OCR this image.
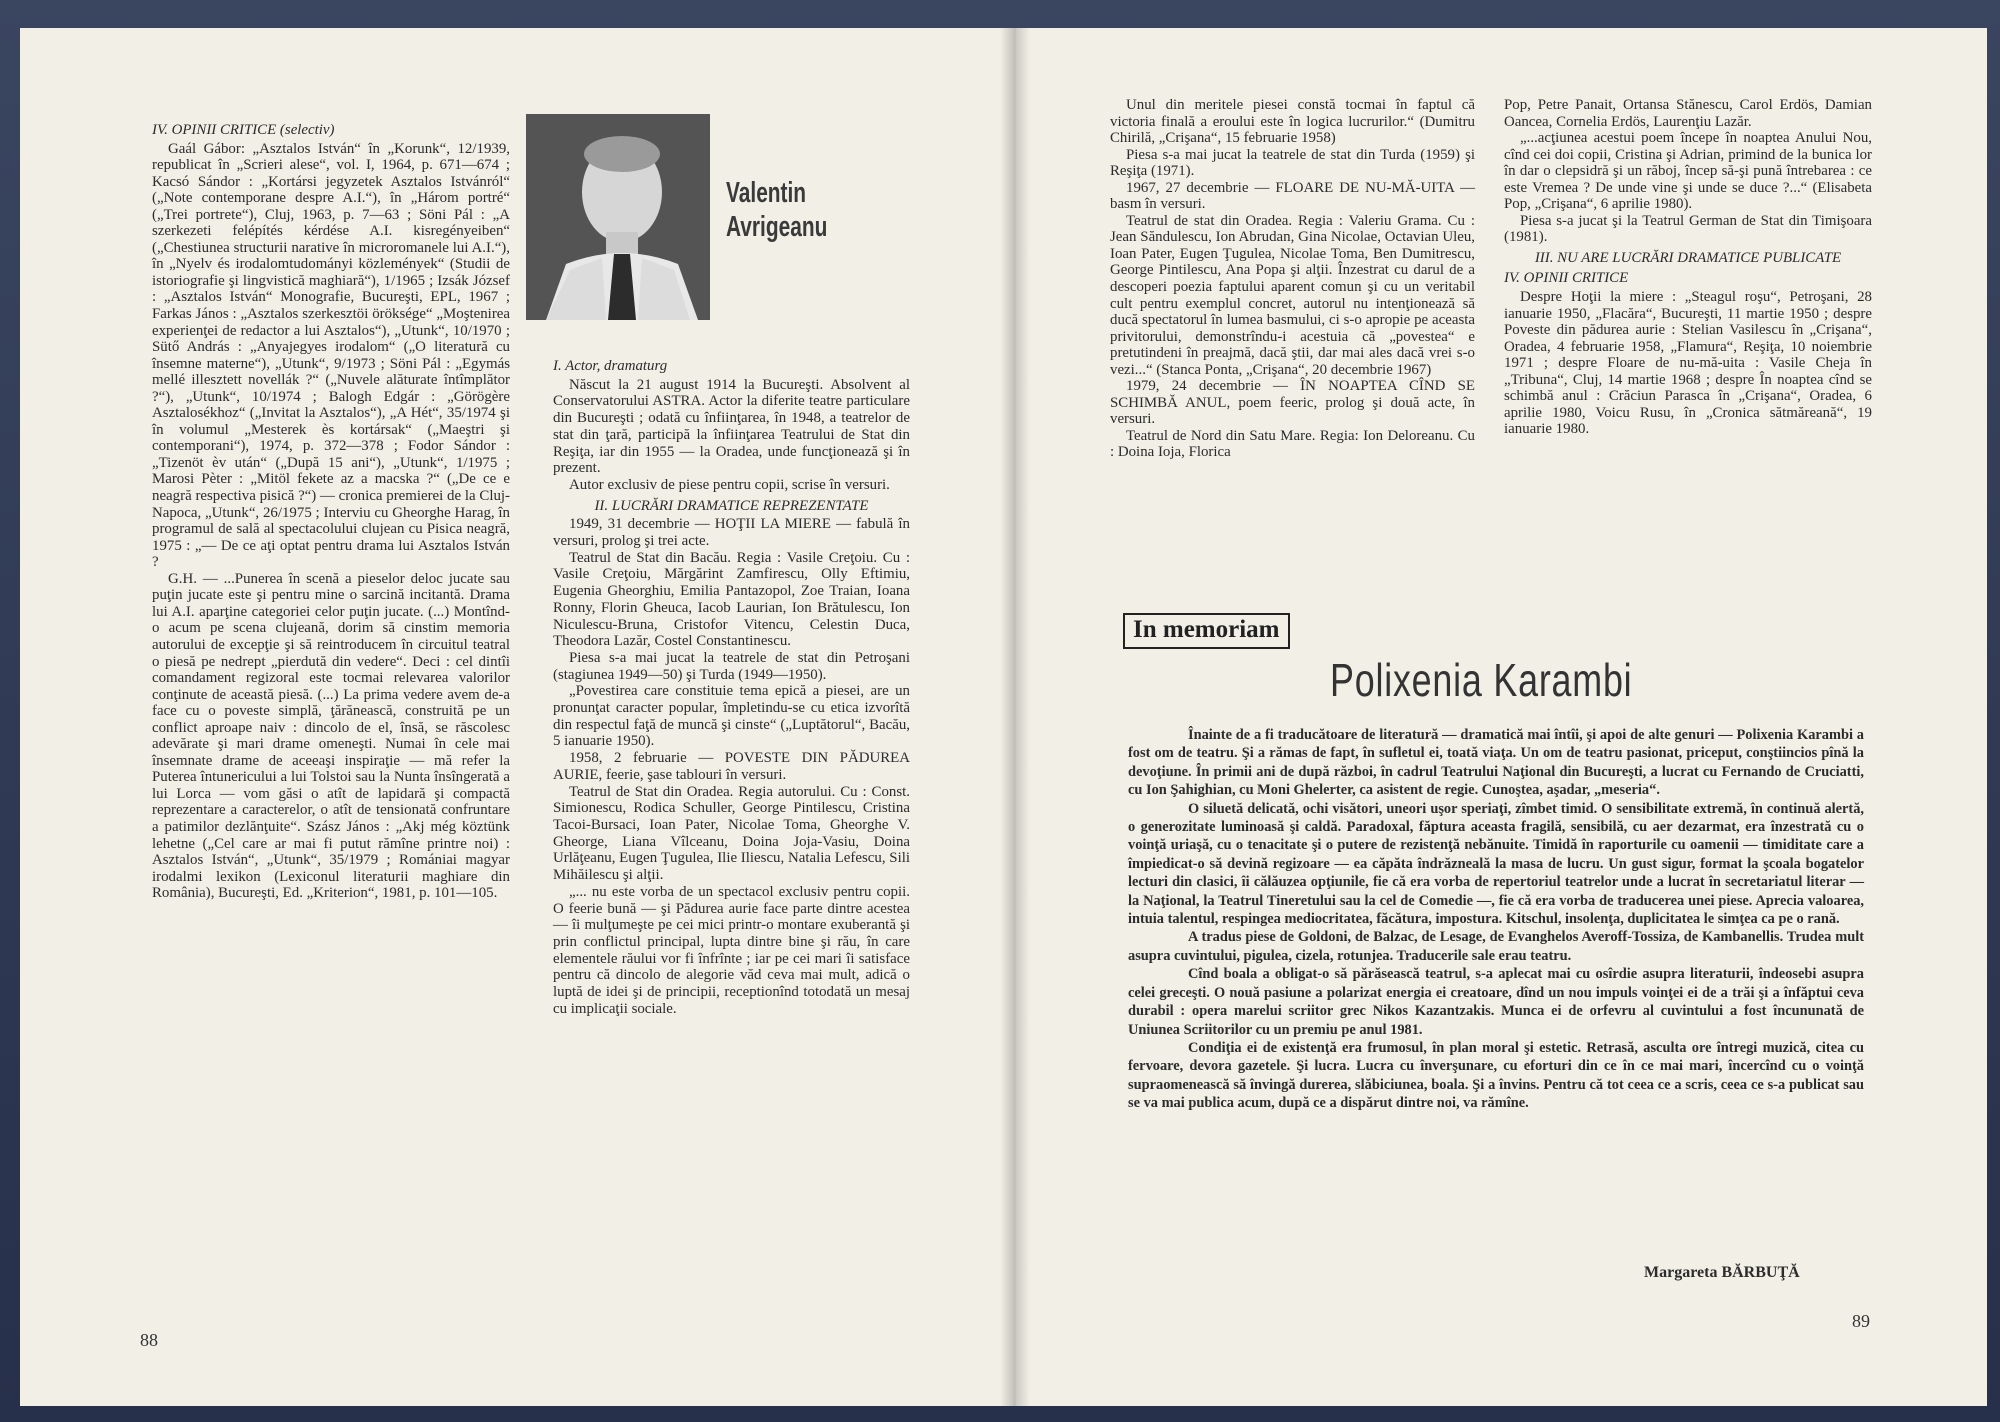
IV. OPINII CRITICE (selectiv)

Gaál Gábor: „Asztalos István“ în „Korunk“, 12/1939, republicat în „Scrieri alese“, vol. I, 1964, p. 671—674 ; Kacsó Sándor : „Kortársi jegyzetek Asztalos Istvánról“ („Note contemporane despre A.I.“), în „Három portré“ („Trei portrete“), Cluj, 1963, p. 7—63 ; Söni Pál : „A szerkezeti felépítés kérdése A.I. kisregényeiben“ („Chestiunea structurii narative în microromanele lui A.I.“), în „Nyelv és irodalomtudományi közlemények“ (Studii de istoriografie şi lingvistică maghiară“), 1/1965 ; Izsák József : „Asztalos István“ Monografie, Bucureşti, EPL, 1967 ; Farkas János : „Asztalos szerkesztöi öröksége“ „Moştenirea experienţei de redactor a lui Asztalos“), „Utunk“, 10/1970 ; Sütő András : „Anyajegyes irodalom“ („O literatură cu însemne materne“), „Utunk“, 9/1973 ; Söni Pál : „Egymás mellé illesztett novellák ?“ („Nuvele alăturate întîmplător ?“), „Utunk“, 10/1974 ; Balogh Edgár : „Görögère Asztalosékhoz“ („Invitat la Asztalos“), „A Hét“, 35/1974 şi în volumul „Mesterek ès kortársak“ („Maeştri şi contemporani“), 1974, p. 372—378 ; Fodor Sándor : „Tizenöt èv után“ („După 15 ani“), „Utunk“, 1/1975 ; Marosi Pèter : „Mitöl fekete az a macska ?“ („De ce e neagră respectiva pisică ?“) — cronica premierei de la Cluj-Napoca, „Utunk“, 26/1975 ; Interviu cu Gheorghe Harag, în programul de sală al spectacolului clujean cu Pisica neagră, 1975 : „— De ce aţi optat pentru drama lui Asztalos István ?

G.H. — ...Punerea în scenă a pieselor deloc jucate sau puţin jucate este şi pentru mine o sarcină incitantă. Drama lui A.I. aparţine categoriei celor puţin jucate. (...) Montînd-o acum pe scena clujeană, dorim să cinstim memoria autorului de excepţie şi să reintroducem în circuitul teatral o piesă pe nedrept „pierdută din vedere“. Deci : cel dintîi comandament regizoral este tocmai relevarea valorilor conţinute de această piesă. (...) La prima vedere avem de-a face cu o poveste simplă, ţărănească, construită pe un conflict aproape naiv : dincolo de el, însă, se răscolesc adevărate şi mari drame omeneşti. Numai în cele mai însemnate drame de aceeaşi inspiraţie — mă refer la Puterea întunericului a lui Tolstoi sau la Nunta însîngerată a lui Lorca — vom găsi o atît de lapidară şi compactă reprezentare a caracterelor, o atît de tensionată confruntare a patimilor dezlănţuite“. Szász János : „Akj még köztünk lehetne („Cel care ar mai fi putut rămîne printre noi) : Asztalos István“, „Utunk“, 35/1979 ; Romániai magyar irodalmi lexikon (Lexiconul literaturii maghiare din România), Bucureşti, Ed. „Kriterion“, 1981, p. 101—105.

Valentin
Avrigeanu

I. Actor, dramaturg

Născut la 21 august 1914 la Bucureşti. Absolvent al Conservatorului ASTRA. Actor la diferite teatre particulare din Bucureşti ; odată cu înfiinţarea, în 1948, a teatrelor de stat din ţară, participă la înfiinţarea Teatrului de Stat din Reşiţa, iar din 1955 — la Oradea, unde funcţionează şi în prezent.

Autor exclusiv de piese pentru copii, scrise în versuri.

II. LUCRĂRI DRAMATICE REPREZENTATE

1949, 31 decembrie — HOŢII LA MIERE — fabulă în versuri, prolog şi trei acte.

Teatrul de Stat din Bacău. Regia : Vasile Creţoiu. Cu : Vasile Creţoiu, Mărgărint Zamfirescu, Olly Eftimiu, Eugenia Gheorghiu, Emilia Pantazopol, Zoe Traian, Ioana Ronny, Florin Gheuca, Iacob Laurian, Ion Brătulescu, Ion Niculescu-Bruna, Cristofor Vitencu, Celestin Duca, Theodora Lazăr, Costel Constantinescu.

Piesa s-a mai jucat la teatrele de stat din Petroşani (stagiunea 1949—50) şi Turda (1949—1950).

„Povestirea care constituie tema epică a piesei, are un pronunţat caracter popular, împletindu-se cu etica izvorîtă din respectul faţă de muncă şi cinste“ („Luptătorul“, Bacău, 5 ianuarie 1950).

1958, 2 februarie — POVESTE DIN PĂDUREA AURIE, feerie, şase tablouri în versuri.

Teatrul de Stat din Oradea. Regia autorului. Cu : Const. Simionescu, Rodica Schuller, George Pintilescu, Cristina Tacoi-Bursaci, Ioan Pater, Nicolae Toma, Gheorghe V. Gheorge, Liana Vîlceanu, Doina Joja-Vasiu, Doina Urlăţeanu, Eugen Ţugulea, Ilie Iliescu, Natalia Lefescu, Sili Mihăilescu şi alţii.

„... nu este vorba de un spectacol exclusiv pentru copii. O feerie bună — şi Pădurea aurie face parte dintre acestea — îi mulţumeşte pe cei mici printr-o montare exuberantă şi prin conflictul principal, lupta dintre bine şi rău, în care elementele răului vor fi înfrînte ; iar pe cei mari îi satisface pentru că dincolo de alegorie văd ceva mai mult, adică o luptă de idei şi de principii, receptionînd totodată un mesaj cu implicaţii sociale.

88

Unul din meritele piesei constă tocmai în faptul că victoria finală a eroului este în logica lucrurilor.“ (Dumitru Chirilă, „Crişana“, 15 februarie 1958)

Piesa s-a mai jucat la teatrele de stat din Turda (1959) şi Reşiţa (1971).

1967, 27 decembrie — FLOARE DE NU-MĂ-UITA — basm în versuri.

Teatrul de stat din Oradea. Regia : Valeriu Grama. Cu : Jean Săndulescu, Ion Abrudan, Gina Nicolae, Octavian Uleu, Ioan Pater, Eugen Ţugulea, Nicolae Toma, Ben Dumitrescu, George Pintilescu, Ana Popa şi alţii. Înzestrat cu darul de a descoperi poezia faptului aparent comun şi cu un veritabil cult pentru exemplul concret, autorul nu intenţionează să ducă spectatorul în lumea basmului, ci s-o apropie pe aceasta privitorului, demonstrîndu-i acestuia că „povestea“ e pretutindeni în preajmă, dacă ştii, dar mai ales dacă vrei s-o vezi...“ (Stanca Ponta, „Crişana“, 20 decembrie 1967)

1979, 24 decembrie — ÎN NOAPTEA CÎND SE SCHIMBĂ ANUL, poem feeric, prolog şi două acte, în versuri.

Teatrul de Nord din Satu Mare. Regia: Ion Deloreanu. Cu : Doina Ioja, Florica

Pop, Petre Panait, Ortansa Stănescu, Carol Erdös, Damian Oancea, Cornelia Erdös, Laurenţiu Lazăr.

„...acţiunea acestui poem începe în noaptea Anului Nou, cînd cei doi copii, Cristina şi Adrian, primind de la bunica lor în dar o clepsidră şi un răboj, încep să-şi pună întrebarea : ce este Vremea ? De unde vine şi unde se duce ?...“ (Elisabeta Pop, „Crişana“, 6 aprilie 1980).

Piesa s-a jucat şi la Teatrul German de Stat din Timişoara (1981).

III. NU ARE LUCRĂRI DRAMATICE PUBLICATE

IV. OPINII CRITICE

Despre Hoţii la miere : „Steagul roşu“, Petroşani, 28 ianuarie 1950, „Flacăra“, Bucureşti, 11 martie 1950 ; despre Poveste din pădurea aurie : Stelian Vasilescu în „Crişana“, Oradea, 4 februarie 1958, „Flamura“, Reşiţa, 10 noiembrie 1971 ; despre Floare de nu-mă-uita : Vasile Cheja în „Tribuna“, Cluj, 14 martie 1968 ; despre În noaptea cînd se schimbă anul : Crăciun Parasca în „Crişana“, Oradea, 6 aprilie 1980, Voicu Rusu, în „Cronica sătmăreană“, 19 ianuarie 1980.

In memoriam
Polixenia Karambi

Înainte de a fi traducătoare de literatură — dramatică mai întîi, şi apoi de alte genuri — Polixenia Karambi a fost om de teatru. Şi a rămas de fapt, în sufletul ei, toată viaţa. Un om de teatru pasionat, priceput, conştiincios pînă la devoţiune. În primii ani de după război, în cadrul Teatrului Naţional din Bucureşti, a lucrat cu Fernando de Cruciatti, cu Ion Şahighian, cu Moni Ghelerter, ca asistent de regie. Cunoştea, aşadar, „meseria“.

O siluetă delicată, ochi visători, uneori uşor speriaţi, zîmbet timid. O sensibilitate extremă, în continuă alertă, o generozitate luminoasă şi caldă. Paradoxal, făptura aceasta fragilă, sensibilă, cu aer dezarmat, era înzestrată cu o voinţă uriaşă, cu o tenacitate şi o putere de rezistenţă nebănuite. Timidă în raporturile cu oamenii — timiditate care a împiedicat-o să devină regizoare — ea căpăta îndrăzneală la masa de lucru. Un gust sigur, format la şcoala bogatelor lecturi din clasici, îi călăuzea opţiunile, fie că era vorba de repertoriul teatrelor unde a lucrat în secretariatul literar — la Naţional, la Teatrul Tineretului sau la cel de Comedie —, fie că era vorba de traducerea unei piese. Aprecia valoarea, intuia talentul, respingea mediocritatea, făcătura, impostura. Kitschul, insolenţa, duplicitatea le simţea ca pe o rană.

A tradus piese de Goldoni, de Balzac, de Lesage, de Evanghelos Averoff-Tossiza, de Kambanellis. Trudea mult asupra cuvintului, pigulea, cizela, rotunjea. Traducerile sale erau teatru.

Cînd boala a obligat-o să părăsească teatrul, s-a aplecat mai cu osîrdie asupra literaturii, îndeosebi asupra celei greceşti. O nouă pasiune a polarizat energia ei creatoare, dînd un nou impuls voinţei ei de a trăi şi a înfăptui ceva durabil : opera marelui scriitor grec Nikos Kazantzakis. Munca ei de orfevru al cuvintului a fost încununată de Uniunea Scriitorilor cu un premiu pe anul 1981.

Condiţia ei de existenţă era frumosul, în plan moral şi estetic. Retrasă, asculta ore întregi muzică, citea cu fervoare, devora gazetele. Şi lucra. Lucra cu înverşunare, cu eforturi din ce în ce mai mari, încercînd cu o voinţă supraomenească să învingă durerea, slăbiciunea, boala. Şi a învins. Pentru că tot ceea ce a scris, ceea ce s-a publicat sau se va mai publica acum, după ce a dispărut dintre noi, va rămîne.

Margareta BĂRBUŢĂ
89
